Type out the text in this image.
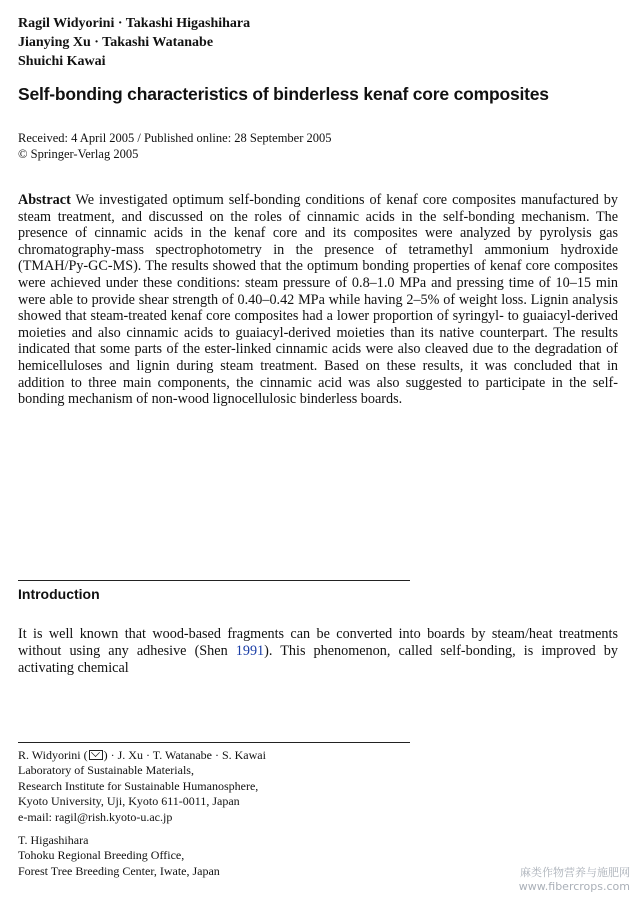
Ragil Widyorini · Takashi Higashihara
Jianying Xu · Takashi Watanabe
Shuichi Kawai
Self-bonding characteristics of binderless kenaf core composites
Received: 4 April 2005 / Published online: 28 September 2005
© Springer-Verlag 2005
Abstract We investigated optimum self-bonding conditions of kenaf core composites manufactured by steam treatment, and discussed on the roles of cinnamic acids in the self-bonding mechanism. The presence of cinnamic acids in the kenaf core and its composites were analyzed by pyrolysis gas chromatography-mass spectrophotometry in the presence of tetramethyl ammonium hydroxide (TMAH/Py-GC-MS). The results showed that the optimum bonding properties of kenaf core composites were achieved under these conditions: steam pressure of 0.8–1.0 MPa and pressing time of 10–15 min were able to provide shear strength of 0.40–0.42 MPa while having 2–5% of weight loss. Lignin analysis showed that steam-treated kenaf core composites had a lower proportion of syringyl- to guaiacyl-derived moieties and also cinnamic acids to guaiacyl-derived moieties than its native counterpart. The results indicated that some parts of the ester-linked cinnamic acids were also cleaved due to the degradation of hemicelluloses and lignin during steam treatment. Based on these results, it was concluded that in addition to three main components, the cinnamic acid was also suggested to participate in the self-bonding mechanism of non-wood lignocellulosic binderless boards.
Introduction
It is well known that wood-based fragments can be converted into boards by steam/heat treatments without using any adhesive (Shen 1991). This phenomenon, called self-bonding, is improved by activating chemical
R. Widyorini ( ) · J. Xu · T. Watanabe · S. Kawai
Laboratory of Sustainable Materials,
Research Institute for Sustainable Humanosphere,
Kyoto University, Uji, Kyoto 611-0011, Japan
e-mail: ragil@rish.kyoto-u.ac.jp
T. Higashihara
Tohoku Regional Breeding Office,
Forest Tree Breeding Center, Iwate, Japan	麻类作物营养与施肥网
www.fibercrops.com
